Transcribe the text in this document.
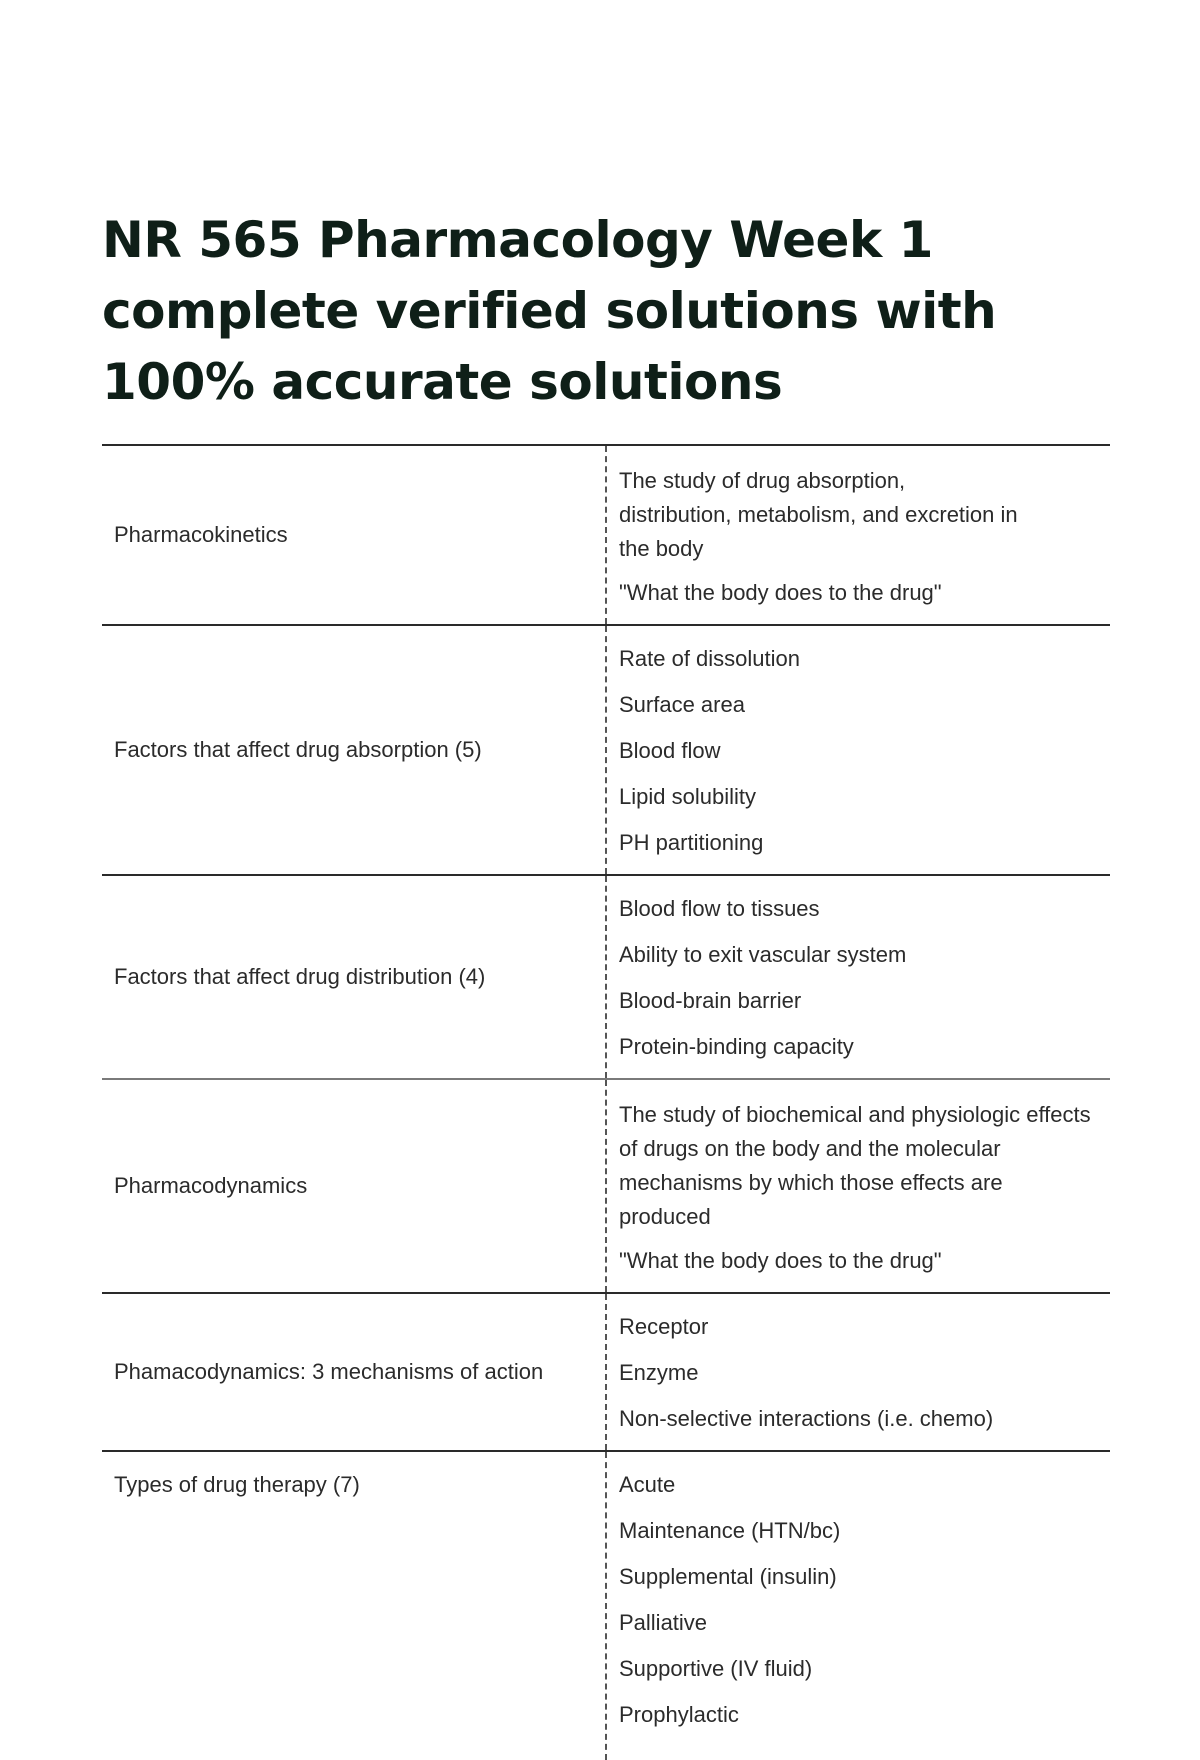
NR 565 Pharmacology Week 1 complete verified solutions with 100% accurate solutions
Pharmacokinetics

The study of drug absorption, distribution, metabolism, and excretion in the body

"What the body does to the drug"

Factors that affect drug absorption (5)

Rate of dissolution

Surface area

Blood flow

Lipid solubility

PH partitioning

Factors that affect drug distribution (4)

Blood flow to tissues

Ability to exit vascular system

Blood-brain barrier

Protein-binding capacity

Pharmacodynamics

The study of biochemical and physiologic effects of drugs on the body and the molecular mechanisms by which those effects are produced

"What the body does to the drug"

Phamacodynamics: 3 mechanisms of action

Receptor

Enzyme

Non-selective interactions (i.e. chemo)

Types of drug therapy (7)	Acute

Maintenance (HTN/bc)

Supplemental (insulin)

Palliative

Supportive (IV fluid)

Prophylactic
